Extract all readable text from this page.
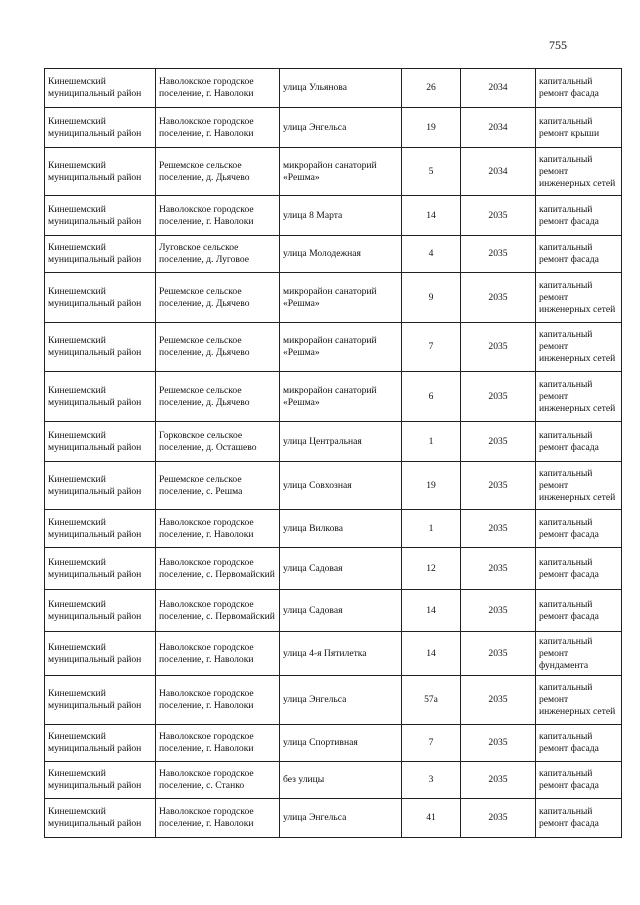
755
Кинешемский муниципальный район	Наволокское городское поселение, г. Наволоки	улица Ульянова	26	2034	капитальный ремонт фасада
Кинешемский муниципальный район	Наволокское городское поселение, г. Наволоки	улица Энгельса	19	2034	капитальный ремонт крыши
Кинешемский муниципальный район	Решемское сельское поселение, д. Дьячево	микрорайон санаторий «Решма»	5	2034	капитальный ремонт инженерных сетей
Кинешемский муниципальный район	Наволокское городское поселение, г. Наволоки	улица 8 Марта	14	2035	капитальный ремонт фасада
Кинешемский муниципальный район	Луговское сельское поселение, д. Луговое	улица Молодежная	4	2035	капитальный ремонт фасада
Кинешемский муниципальный район	Решемское сельское поселение, д. Дьячево	микрорайон санаторий «Решма»	9	2035	капитальный ремонт инженерных сетей
Кинешемский муниципальный район	Решемское сельское поселение, д. Дьячево	микрорайон санаторий «Решма»	7	2035	капитальный ремонт инженерных сетей
Кинешемский муниципальный район	Решемское сельское поселение, д. Дьячево	микрорайон санаторий «Решма»	6	2035	капитальный ремонт инженерных сетей
Кинешемский муниципальный район	Горковское сельское поселение, д. Осташево	улица Центральная	1	2035	капитальный ремонт фасада
Кинешемский муниципальный район	Решемское сельское поселение, с. Решма	улица Совхозная	19	2035	капитальный ремонт инженерных сетей
Кинешемский муниципальный район	Наволокское городское поселение, г. Наволоки	улица Вилкова	1	2035	капитальный ремонт фасада
Кинешемский муниципальный район	Наволокское городское поселение, с. Первомайский	улица Садовая	12	2035	капитальный ремонт фасада
Кинешемский муниципальный район	Наволокское городское поселение, с. Первомайский	улица Садовая	14	2035	капитальный ремонт фасада
Кинешемский муниципальный район	Наволокское городское поселение, г. Наволоки	улица 4-я Пятилетка	14	2035	капитальный ремонт фундамента
Кинешемский муниципальный район	Наволокское городское поселение, г. Наволоки	улица Энгельса	57а	2035	капитальный ремонт инженерных сетей
Кинешемский муниципальный район	Наволокское городское поселение, г. Наволоки	улица Спортивная	7	2035	капитальный ремонт фасада
Кинешемский муниципальный район	Наволокское городское поселение, с. Станко	без улицы	3	2035	капитальный ремонт фасада
Кинешемский муниципальный район	Наволокское городское поселение, г. Наволоки	улица Энгельса	41	2035	капитальный ремонт фасада
